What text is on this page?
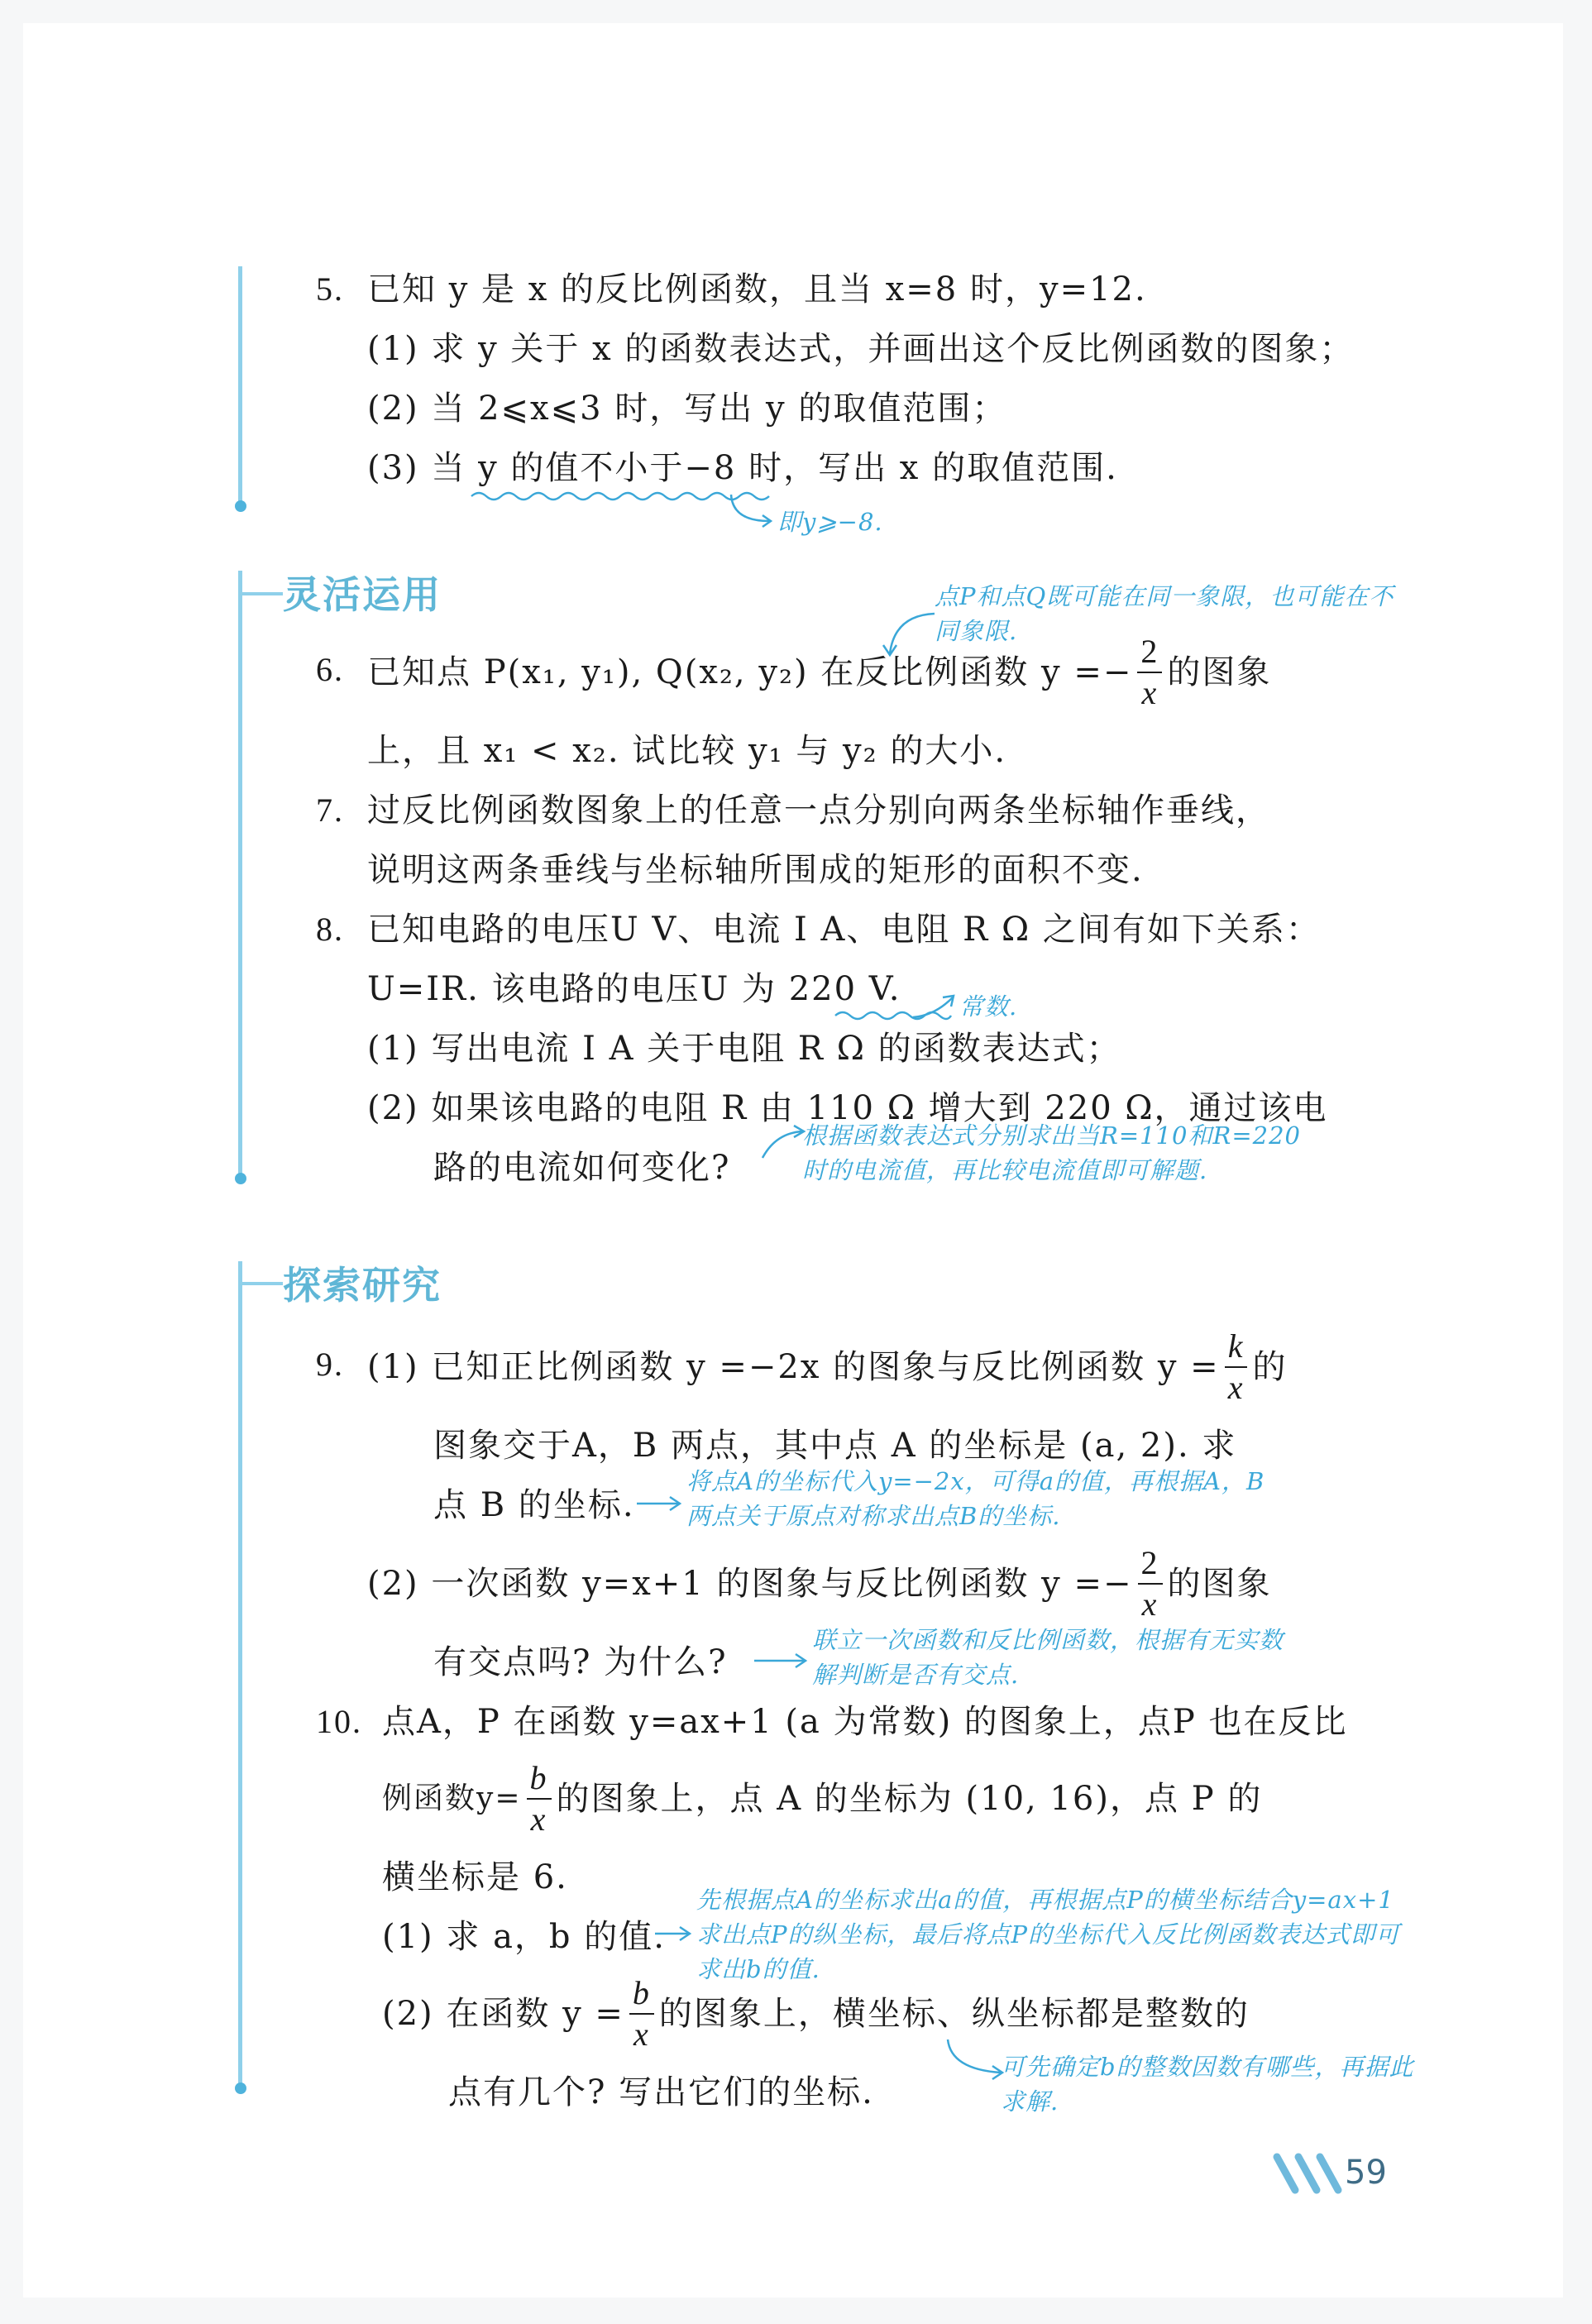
5. 已知 y 是 x 的反比例函数，且当 x=8 时，y=12.
(1) 求 y 关于 x 的函数表达式，并画出这个反比例函数的图象；
(2) 当 2⩽x⩽3 时，写出 y 的取值范围；
(3) 当 y 的值不小于−8 时，写出 x 的取值范围.
即y⩾−8.
灵活运用	点P和点Q既可能在同一象限，也可能在不同象限.
6. 已知点 P(x₁, y₁), Q(x₂, y₂) 在反比例函数 $y =- \frac{2}{x}$ 的图象
上，且 x₁ < x₂. 试比较 y₁ 与 y₂ 的大小.
7. 过反比例函数图象上的任意一点分别向两条坐标轴作垂线，
说明这两条垂线与坐标轴所围成的矩形的面积不变.
8. 已知电路的电压U V、电流 I A、电阻 R Ω 之间有如下关系：
U=IR. 该电路的电压U 为 220 V. 常数.
(1) 写出电流 I A 关于电阻 R Ω 的函数表达式；
(2) 如果该电路的电阻 R 由 110 Ω 增大到 220 Ω，通过该电
路的电流如何变化?
根据函数表达式分别求出当R=110和R=220时的电流值，再比较电流值即可解题.
探索研究
9. (1) 已知正比例函数 y =−2x 的图象与反比例函数 $y = \frac{k}{x}$ 的
图象交于A，B 两点，其中点 A 的坐标是 (a, 2). 求
点 B 的坐标.
将点A的坐标代入y=−2x，可得a的值，再根据A，B两点关于原点对称求出点B的坐标.
(2) 一次函数 y=x+1 的图象与反比例函数 $y =- \frac{2}{x}$ 的图象
有交点吗? 为什么?
联立一次函数和反比例函数，根据有无实数解判断是否有交点.
10. 点A，P 在函数 y=ax+1 (a 为常数) 的图象上，点P 也在反比
例函数$y= \frac{b}{x}$ 的图象上，点 A 的坐标为 (10, 16)，点 P 的
横坐标是 6.
(1) 求 a，b 的值.
先根据点A的坐标求出a的值，再根据点P的横坐标结合y=ax+1求出点P的纵坐标，最后将点P的坐标代入反比例函数表达式即可求出b的值.
(2) 在函数 $y = \frac{b}{x}$ 的图象上，横坐标、纵坐标都是整数的
可先确定b的整数因数有哪些，再据此求解.
点有几个? 写出它们的坐标.
59
